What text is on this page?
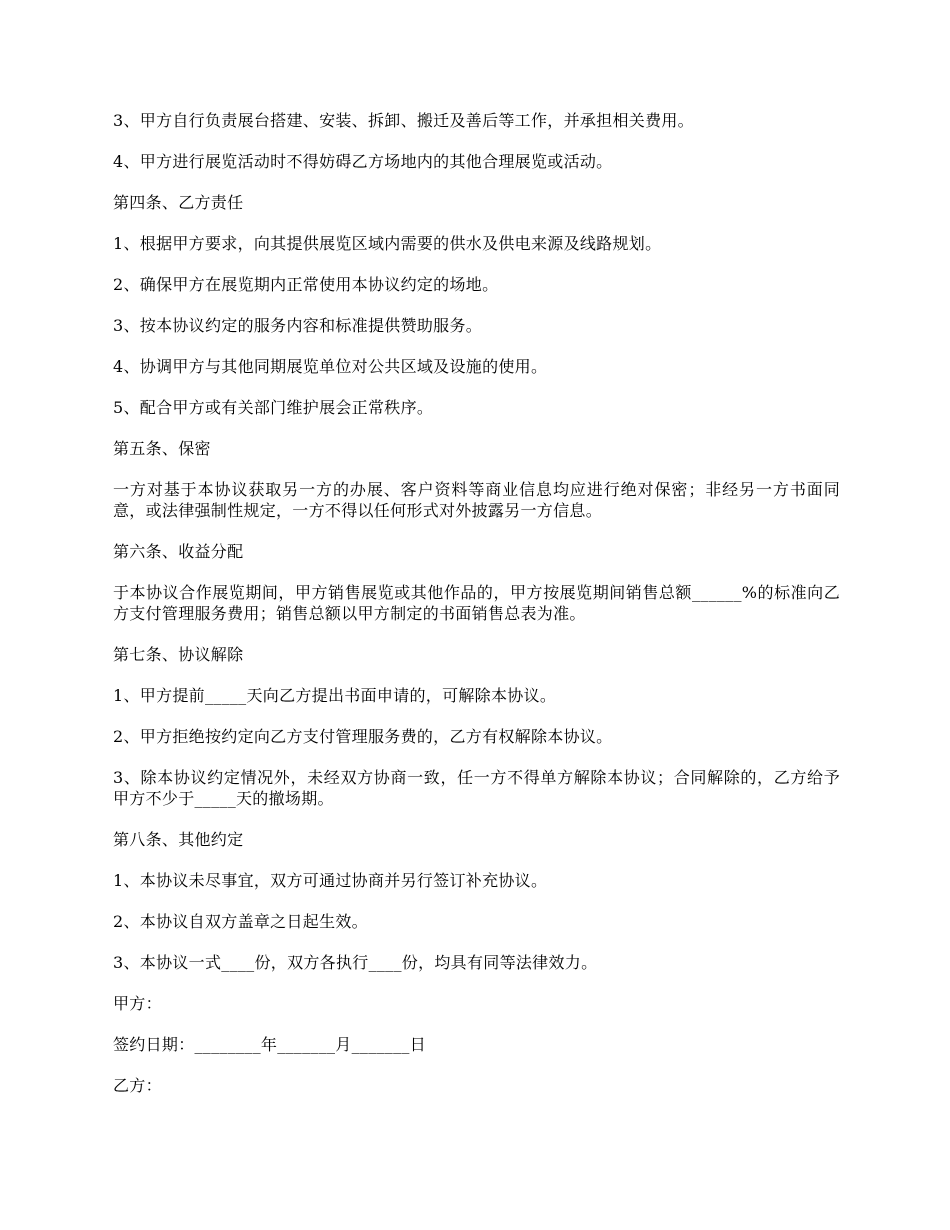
3、甲方自行负责展台搭建、安装、拆卸、搬迁及善后等工作，并承担相关费用。

4、甲方进行展览活动时不得妨碍乙方场地内的其他合理展览或活动。

第四条、乙方责任

1、根据甲方要求，向其提供展览区域内需要的供水及供电来源及线路规划。

2、确保甲方在展览期内正常使用本协议约定的场地。

3、按本协议约定的服务内容和标准提供赞助服务。

4、协调甲方与其他同期展览单位对公共区域及设施的使用。

5、配合甲方或有关部门维护展会正常秩序。

第五条、保密

一方对基于本协议获取另一方的办展、客户资料等商业信息均应进行绝对保密；非经另一方书面同意，或法律强制性规定，一方不得以任何形式对外披露另一方信息。

第六条、收益分配

于本协议合作展览期间，甲方销售展览或其他作品的，甲方按展览期间销售总额______%的标准向乙方支付管理服务费用；销售总额以甲方制定的书面销售总表为准。

第七条、协议解除

1、甲方提前_____天向乙方提出书面申请的，可解除本协议。

2、甲方拒绝按约定向乙方支付管理服务费的，乙方有权解除本协议。

3、除本协议约定情况外，未经双方协商一致，任一方不得单方解除本协议；合同解除的，乙方给予甲方不少于_____天的撤场期。

第八条、其他约定

1、本协议未尽事宜，双方可通过协商并另行签订补充协议。

2、本协议自双方盖章之日起生效。

3、本协议一式____份，双方各执行____份，均具有同等法律效力。

甲方：

签约日期：________年_______月_______日

乙方：
